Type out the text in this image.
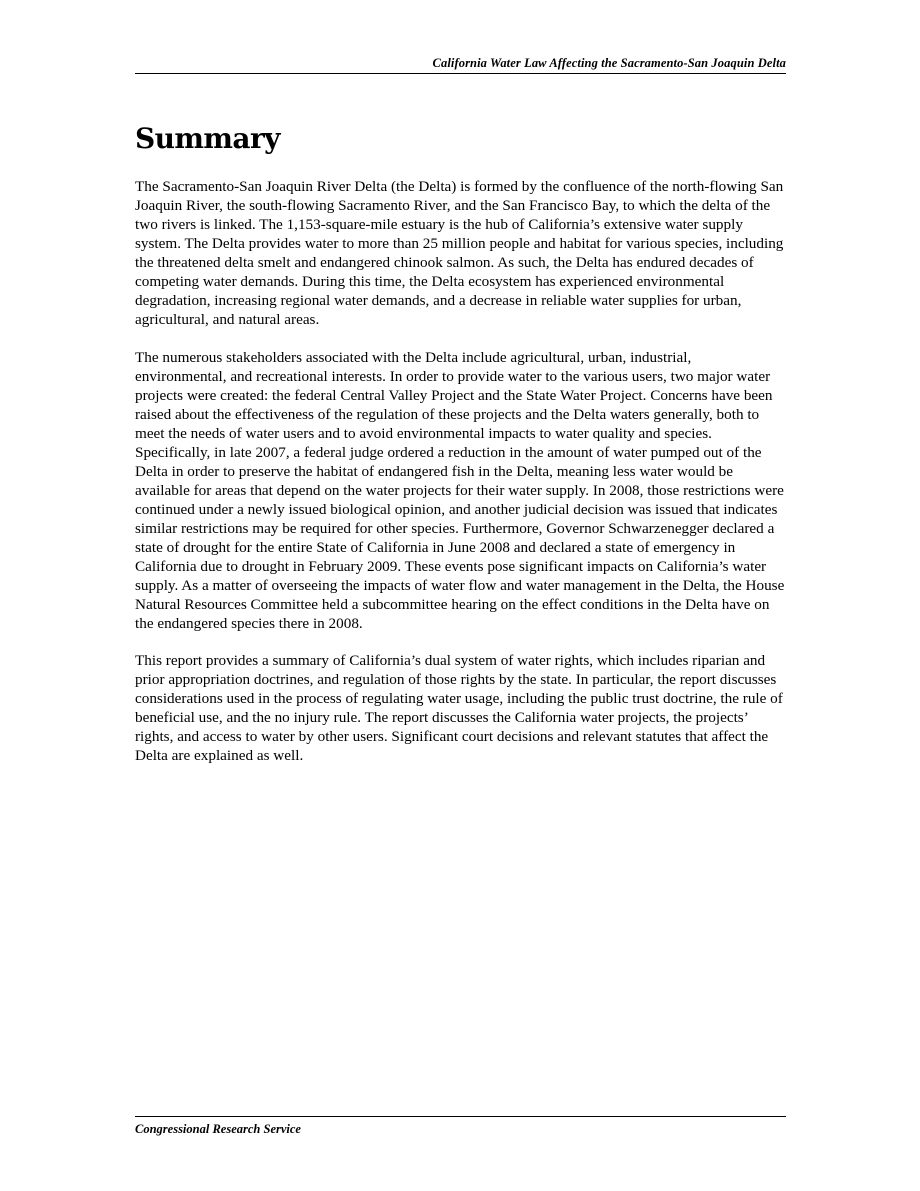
California Water Law Affecting the Sacramento-San Joaquin Delta
Summary

The Sacramento-San Joaquin River Delta (the Delta) is formed by the confluence of the north-flowing San Joaquin River, the south-flowing Sacramento River, and the San Francisco Bay, to which the delta of the two rivers is linked. The 1,153-square-mile estuary is the hub of California’s extensive water supply system. The Delta provides water to more than 25 million people and habitat for various species, including the threatened delta smelt and endangered chinook salmon. As such, the Delta has endured decades of competing water demands. During this time, the Delta ecosystem has experienced environmental degradation, increasing regional water demands, and a decrease in reliable water supplies for urban, agricultural, and natural areas.

The numerous stakeholders associated with the Delta include agricultural, urban, industrial, environmental, and recreational interests. In order to provide water to the various users, two major water projects were created: the federal Central Valley Project and the State Water Project. Concerns have been raised about the effectiveness of the regulation of these projects and the Delta waters generally, both to meet the needs of water users and to avoid environmental impacts to water quality and species. Specifically, in late 2007, a federal judge ordered a reduction in the amount of water pumped out of the Delta in order to preserve the habitat of endangered fish in the Delta, meaning less water would be available for areas that depend on the water projects for their water supply. In 2008, those restrictions were continued under a newly issued biological opinion, and another judicial decision was issued that indicates similar restrictions may be required for other species. Furthermore, Governor Schwarzenegger declared a state of drought for the entire State of California in June 2008 and declared a state of emergency in California due to drought in February 2009. These events pose significant impacts on California’s water supply. As a matter of overseeing the impacts of water flow and water management in the Delta, the House Natural Resources Committee held a subcommittee hearing on the effect conditions in the Delta have on the endangered species there in 2008.

This report provides a summary of California’s dual system of water rights, which includes riparian and prior appropriation doctrines, and regulation of those rights by the state. In particular, the report discusses considerations used in the process of regulating water usage, including the public trust doctrine, the rule of beneficial use, and the no injury rule. The report discusses the California water projects, the projects’ rights, and access to water by other users. Significant court decisions and relevant statutes that affect the Delta are explained as well.

Congressional Research Service
